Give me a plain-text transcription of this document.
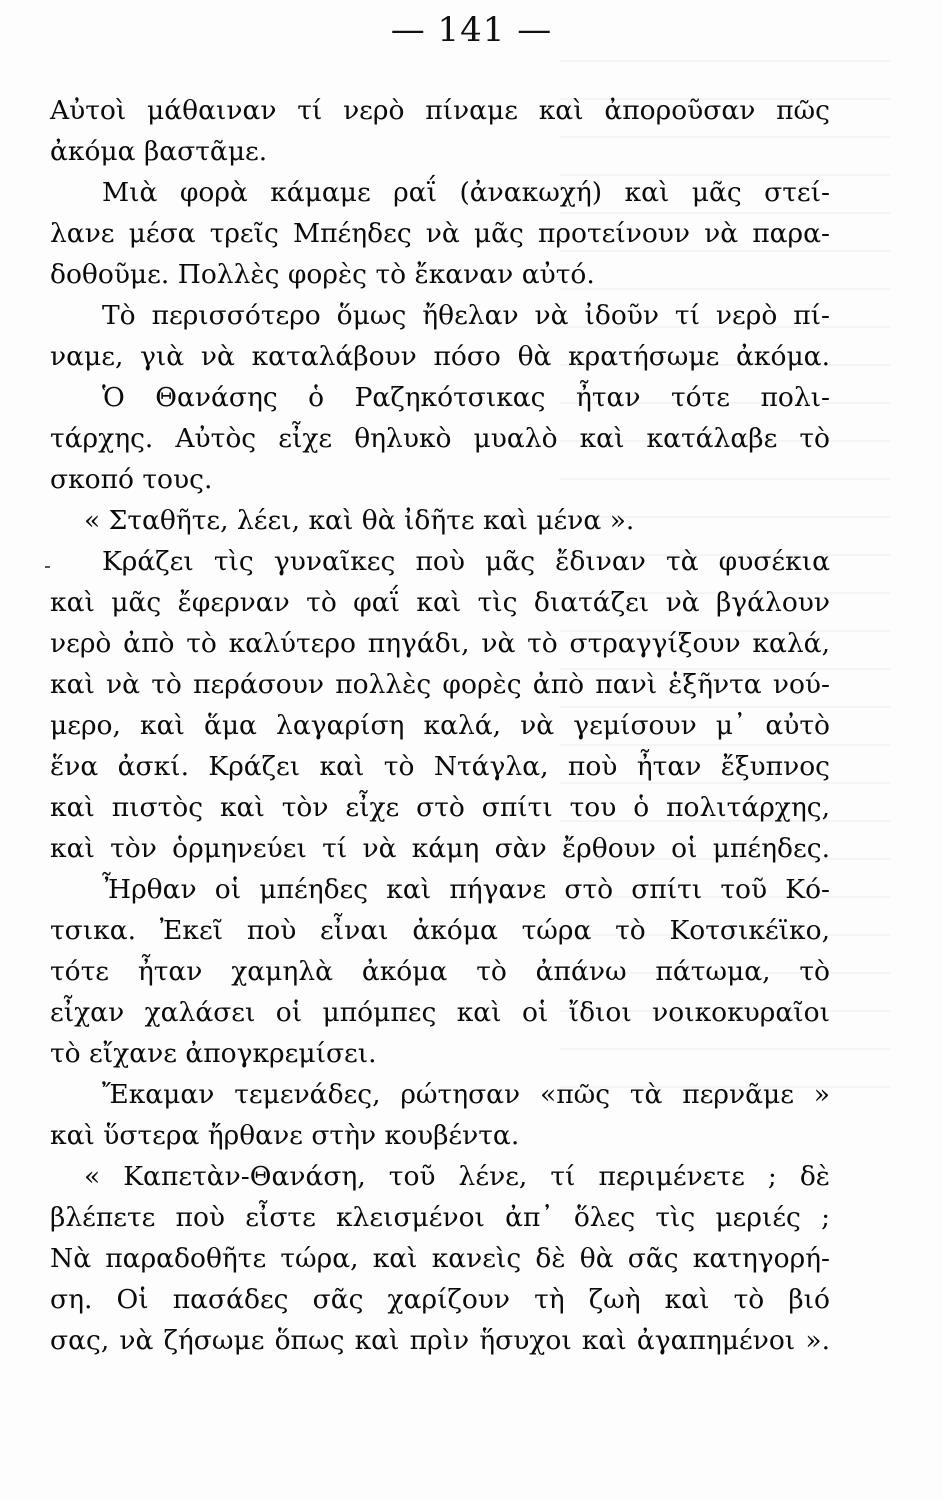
— 141 —
Αὐτοὶ μάθαιναν τί νερὸ πίναμε καὶ ἀποροῦσαν πῶς
ἀκόμα βαστᾶμε.
Μιὰ φορὰ κάμαμε ραΐ (ἀνακωχή) καὶ μᾶς στεί-
λανε μέσα τρεῖς Μπέηδες νὰ μᾶς προτείνουν νὰ παρα-
δοθοῦμε. Πολλὲς φορὲς τὸ ἔκαναν αὐτό.
Τὸ περισσότερο ὅμως ἤθελαν νὰ ἰδοῦν τί νερὸ πί-
ναμε, γιὰ νὰ καταλάβουν πόσο θὰ κρατήσωμε ἀκόμα.
Ὁ Θανάσης ὁ Ραζηκότσικας ἦταν τότε πολι-
τάρχης. Αὐτὸς εἶχε θηλυκὸ μυαλὸ καὶ κατάλαβε τὸ
σκοπό τους.
« Σταθῆτε, λέει, καὶ θὰ ἰδῆτε καὶ μένα ».
Κράζει τὶς γυναῖκες ποὺ μᾶς ἔδιναν τὰ φυσέκια
καὶ μᾶς ἔφερναν τὸ φαΐ καὶ τὶς διατάζει νὰ βγάλουν
νερὸ ἀπὸ τὸ καλύτερο πηγάδι, νὰ τὸ στραγγίξουν καλά,
καὶ νὰ τὸ περάσουν πολλὲς φορὲς ἀπὸ πανὶ ἑξῆντα νού-
μερο, καὶ ἅμα λαγαρίση καλά, νὰ γεμίσουν μ᾽ αὐτὸ
ἕνα ἀσκί. Κράζει καὶ τὸ Ντάγλα, ποὺ ἦταν ἔξυπνος
καὶ πιστὸς καὶ τὸν εἶχε στὸ σπίτι του ὁ πολιτάρχης,
καὶ τὸν ὁρμηνεύει τί νὰ κάμη σὰν ἔρθουν οἱ μπέηδες.
Ἦρθαν οἱ μπέηδες καὶ πήγανε στὸ σπίτι τοῦ Κό-
τσικα. Ἐκεῖ ποὺ εἶναι ἀκόμα τώρα τὸ Κοτσικέϊκο,
τότε ἦταν χαμηλὰ ἀκόμα τὸ ἀπάνω πάτωμα, τὸ
εἶχαν χαλάσει οἱ μπόμπες καὶ οἱ ἴδιοι νοικοκυραῖοι
τὸ εἴχανε ἀπογκρεμίσει.
Ἔκαμαν τεμενάδες, ρώτησαν «πῶς τὰ περνᾶμε »
καὶ ὕστερα ἤρθανε στὴν κουβέντα.
« Καπετὰν-Θανάση, τοῦ λένε, τί περιμένετε ; δὲ
βλέπετε ποὺ εἶστε κλεισμένοι ἀπ᾽ ὅλες τὶς μεριές ;
Νὰ παραδοθῆτε τώρα, καὶ κανεὶς δὲ θὰ σᾶς κατηγορή-
ση. Οἱ πασάδες σᾶς χαρίζουν τὴ ζωὴ καὶ τὸ βιό
σας, νὰ ζήσωμε ὅπως καὶ πρὶν ἥσυχοι καὶ ἀγαπημένοι ».
